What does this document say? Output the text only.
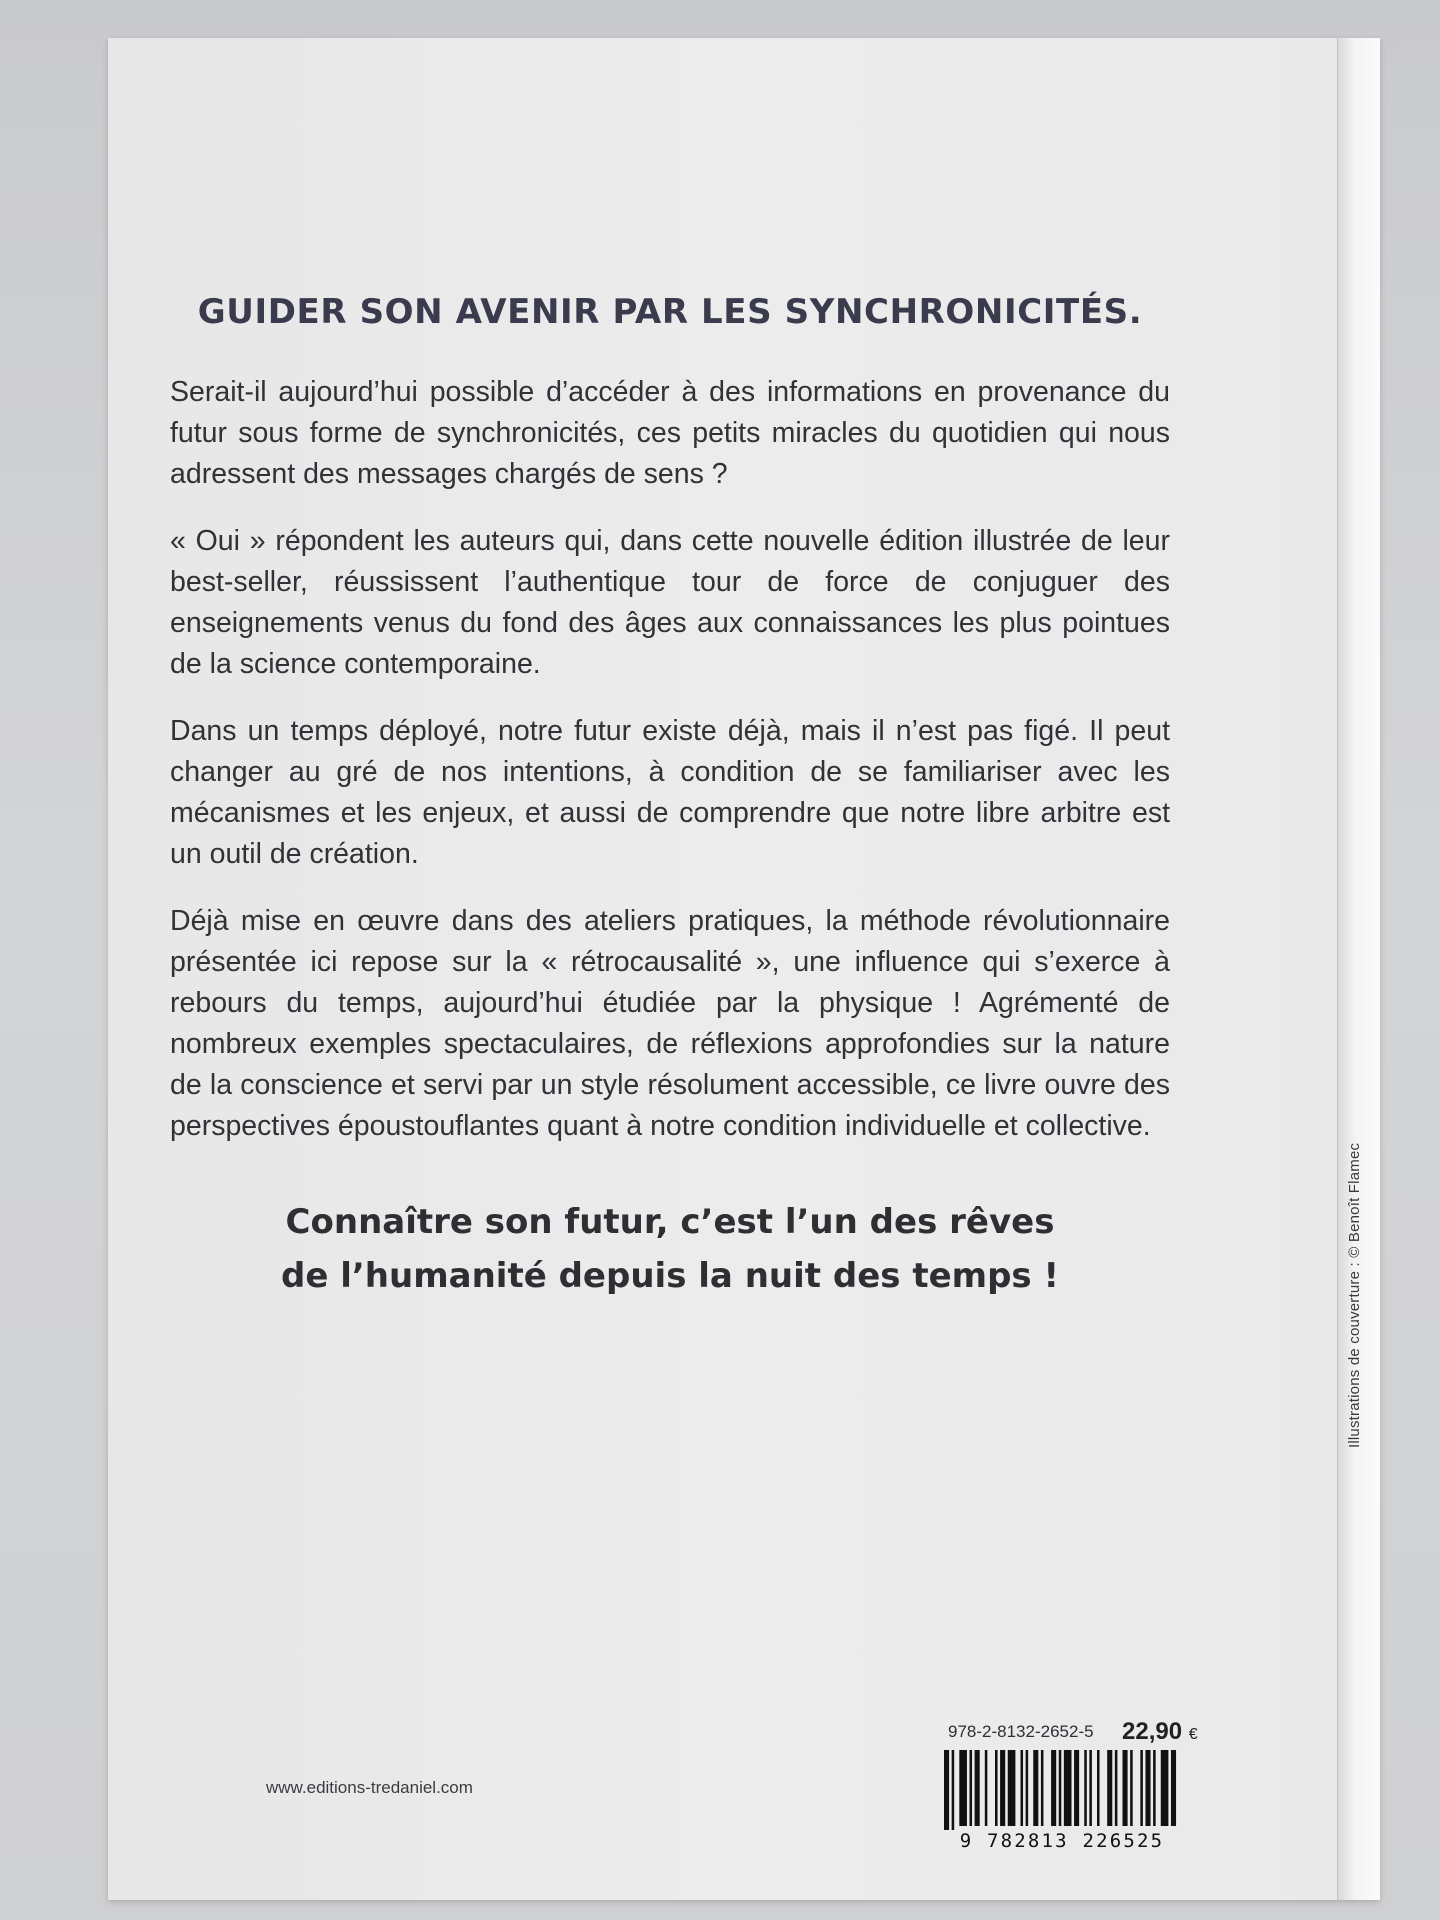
Illustrations de couverture : © Benoît Flamec
GUIDER SON AVENIR PAR LES SYNCHRONICITÉS.

Serait-il aujourd’hui possible d’accéder à des informations en provenance du futur sous forme de synchronicités, ces petits miracles du quotidien qui nous adressent des messages chargés de sens ?

« Oui » répondent les auteurs qui, dans cette nouvelle édition illustrée de leur best-seller, réussissent l’authentique tour de force de conjuguer des enseignements venus du fond des âges aux connaissances les plus pointues de la science contemporaine.

Dans un temps déployé, notre futur existe déjà, mais il n’est pas figé. Il peut changer au gré de nos intentions, à condition de se familiariser avec les mécanismes et les enjeux, et aussi de comprendre que notre libre arbitre est un outil de création.

Déjà mise en œuvre dans des ateliers pratiques, la méthode révolutionnaire présentée ici repose sur la « rétrocausalité », une influence qui s’exerce à rebours du temps, aujourd’hui étudiée par la physique ! Agrémenté de nombreux exemples spectaculaires, de réflexions approfondies sur la nature de la conscience et servi par un style résolument accessible, ce livre ouvre des perspectives époustouflantes quant à notre condition individuelle et collective.

Connaître son futur, c’est l’un des rêves
de l’humanité depuis la nuit des temps !
www.editions-tredaniel.com
978-2-8132-2652-5 22,90 €
9 782813 226525
